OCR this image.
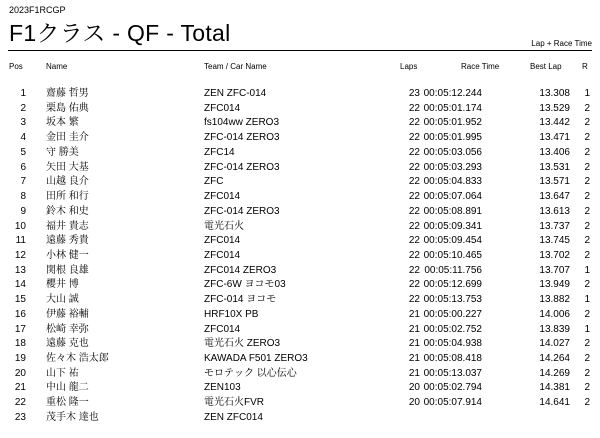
2023F1RCGP
F1クラス - QF - Total	Lap + Race Time
Pos	Name	Team / Car Name	Laps	Race Time	Best Lap	R
1 齋藤 哲男	ZEN ZFC-014	23 00:05:12.244	13.308	1
2 栗島 佑典	ZFC014	22 00:05:01.174	13.529	2
3 坂本 繁	fs104ww ZERO3	22 00:05:01.952	13.442	2
4 金田 圭介	ZFC-014 ZERO3	22 00:05:01.995	13.471	2
5 守 勝美	ZFC14	22 00:05:03.056	13.406	2
6 矢田 大基	ZFC-014 ZERO3	22 00:05:03.293	13.531	2
7 山越 良介	ZFC	22 00:05:04.833	13.571	2
8 田所 和行	ZFC014	22 00:05:07.064	13.647	2
9 鈴木 和史	ZFC-014 ZERO3	22 00:05:08.891	13.613	2
10 福井 貴志	電光石火	22 00:05:09.341	13.737	2
11 遠藤 秀貴	ZFC014	22 00:05:09.454	13.745	2
12 小林 健一	ZFC014	22 00:05:10.465	13.702	2
13 関根 良雄	ZFC014 ZERO3	22 00:05:11.756	13.707	1
14 櫻井 博	ZFC-6W ヨコモ03	22 00:05:12.699	13.949	2
15 大山 誠	ZFC-014 ヨコモ	22 00:05:13.753	13.882	1
16 伊藤 裕輔	HRF10X PB	21 00:05:00.227	14.006	2
17 松崎 幸弥	ZFC014	21 00:05:02.752	13.839	1
18 遠藤 克也	電光石火 ZERO3	21 00:05:04.938	14.027	2
19 佐々木 浩太郎	KAWADA F501 ZERO3	21 00:05:08.418	14.264	2
20 山下 祐	モロテック 以心伝心	21 00:05:13.037	14.269	2
21 中山 龍二	ZEN103	20 00:05:02.794	14.381	2
22 重松 隆一	電光石火FVR	20 00:05:07.914	14.641	2
23 茂手木 達也	ZEN ZFC014
